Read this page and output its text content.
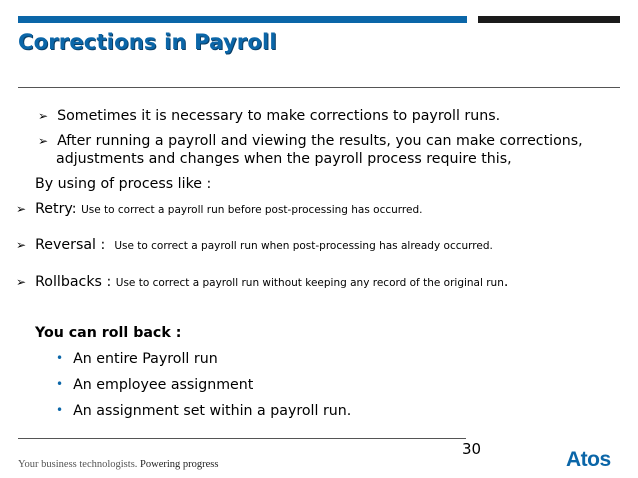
Corrections in Payroll
➢ Sometimes it is necessary to make corrections to payroll runs.
➢ After running a payroll and viewing the results, you can make corrections,
adjustments and changes when the payroll process require this,
By using of process like :
➢ Retry: Use to correct a payroll run before post-processing has occurred.
➢ Reversal : Use to correct a payroll run when post-processing has already occurred.
➢ Rollbacks : Use to correct a payroll run without keeping any record of the original run.
You can roll back :
• An entire Payroll run
• An employee assignment
• An assignment set within a payroll run.
30
Your business technologists. Powering progress	Atos
